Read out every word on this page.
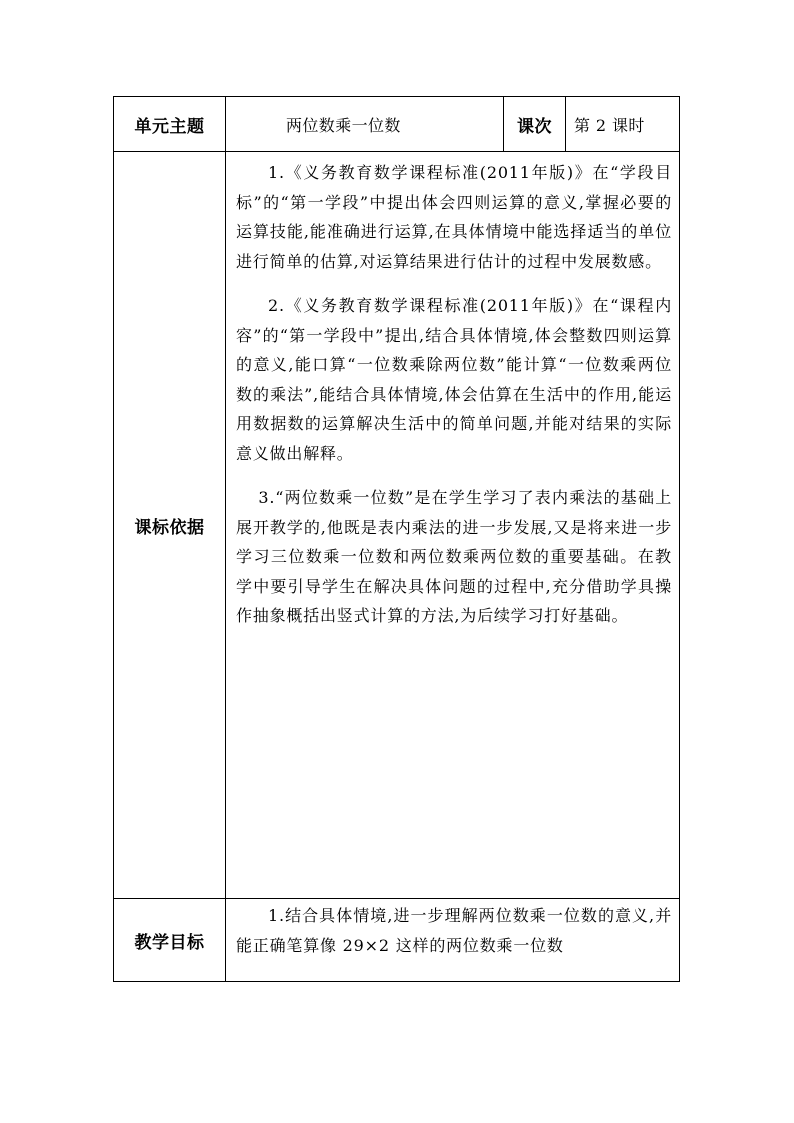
单元主题	两位数乘一位数	课次	第 2 课时
课标依据	1.《义务教育数学课程标准(2011年版)》在“学段目标”的“第一学段”中提出体会四则运算的意义,掌握必要的运算技能,能准确进行运算,在具体情境中能选择适当的单位进行简单的估算,对运算结果进行估计的过程中发展数感。

2.《义务教育数学课程标准(2011年版)》在“课程内容”的“第一学段中”提出,结合具体情境,体会整数四则运算的意义,能口算“一位数乘除两位数”能计算“一位数乘两位数的乘法”,能结合具体情境,体会估算在生活中的作用,能运用数据数的运算解决生活中的简单问题,并能对结果的实际意义做出解释。

3.“两位数乘一位数”是在学生学习了表内乘法的基础上展开教学的,他既是表内乘法的进一步发展,又是将来进一步学习三位数乘一位数和两位数乘两位数的重要基础。在教学中要引导学生在解决具体问题的过程中,充分借助学具操作抽象概括出竖式计算的方法,为后续学习打好基础。		

教学目标	1.结合具体情境,进一步理解两位数乘一位数的意义,并能正确笔算像 29×2 这样的两位数乘一位数		
